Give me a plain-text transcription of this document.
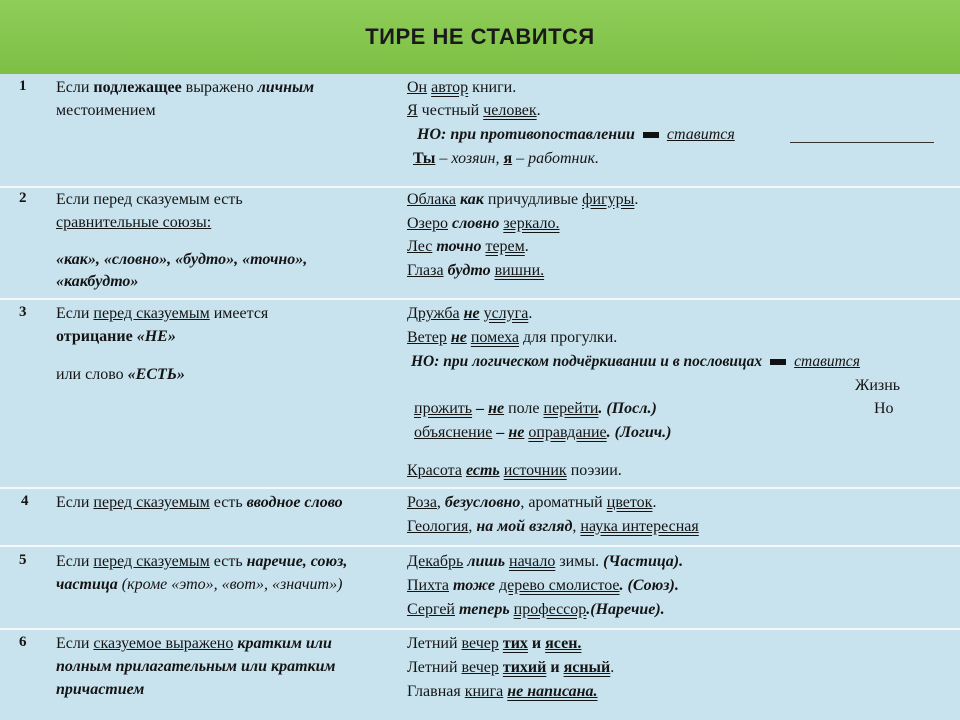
ТИРЕ НЕ СТАВИТСЯ
1 Если подлежащее выражено личным
местоимением
Он автор книги.
Я честный человек.
НО: при противопоставлении ставится
Ты – хозяин, я – работник.
2 Если перед сказуемым есть
сравнительные союзы:
«как», «словно», «будто», «точно», «какбудто»
Облака как причудливые фигуры.
Озеро словно зеркало.
Лес точно терем.
Глаза будто вишни.
3 Если перед сказуемым имеется
отрицание «НЕ»
или слово «ЕСТЬ»
Дружба не услуга.
Ветер не помеха для прогулки.
НО: при логическом подчёркивании и в пословицах ставится
Жизнь
прожить – не поле перейти. (Посл.)	Но
объяснение – не оправдание. (Логич.)
Красота есть источник поэзии.
4 Если перед сказуемым есть вводное слово	Роза, безусловно, ароматный цветок.
Геология, на мой взгляд, наука интересная
5 Если перед сказуемым есть наречие, союз, частица (кроме «это», «вот», «значит»)
Декабрь лишь начало зимы. (Частица).
Пихта тоже дерево смолистое. (Союз).
Сергей теперь профессор.(Наречие).
6 Если сказуемое выражено кратким или полным прилагательным или кратким причастием
Летний вечер тих и ясен.
Летний вечер тихий и ясный.
Главная книга не написана.
